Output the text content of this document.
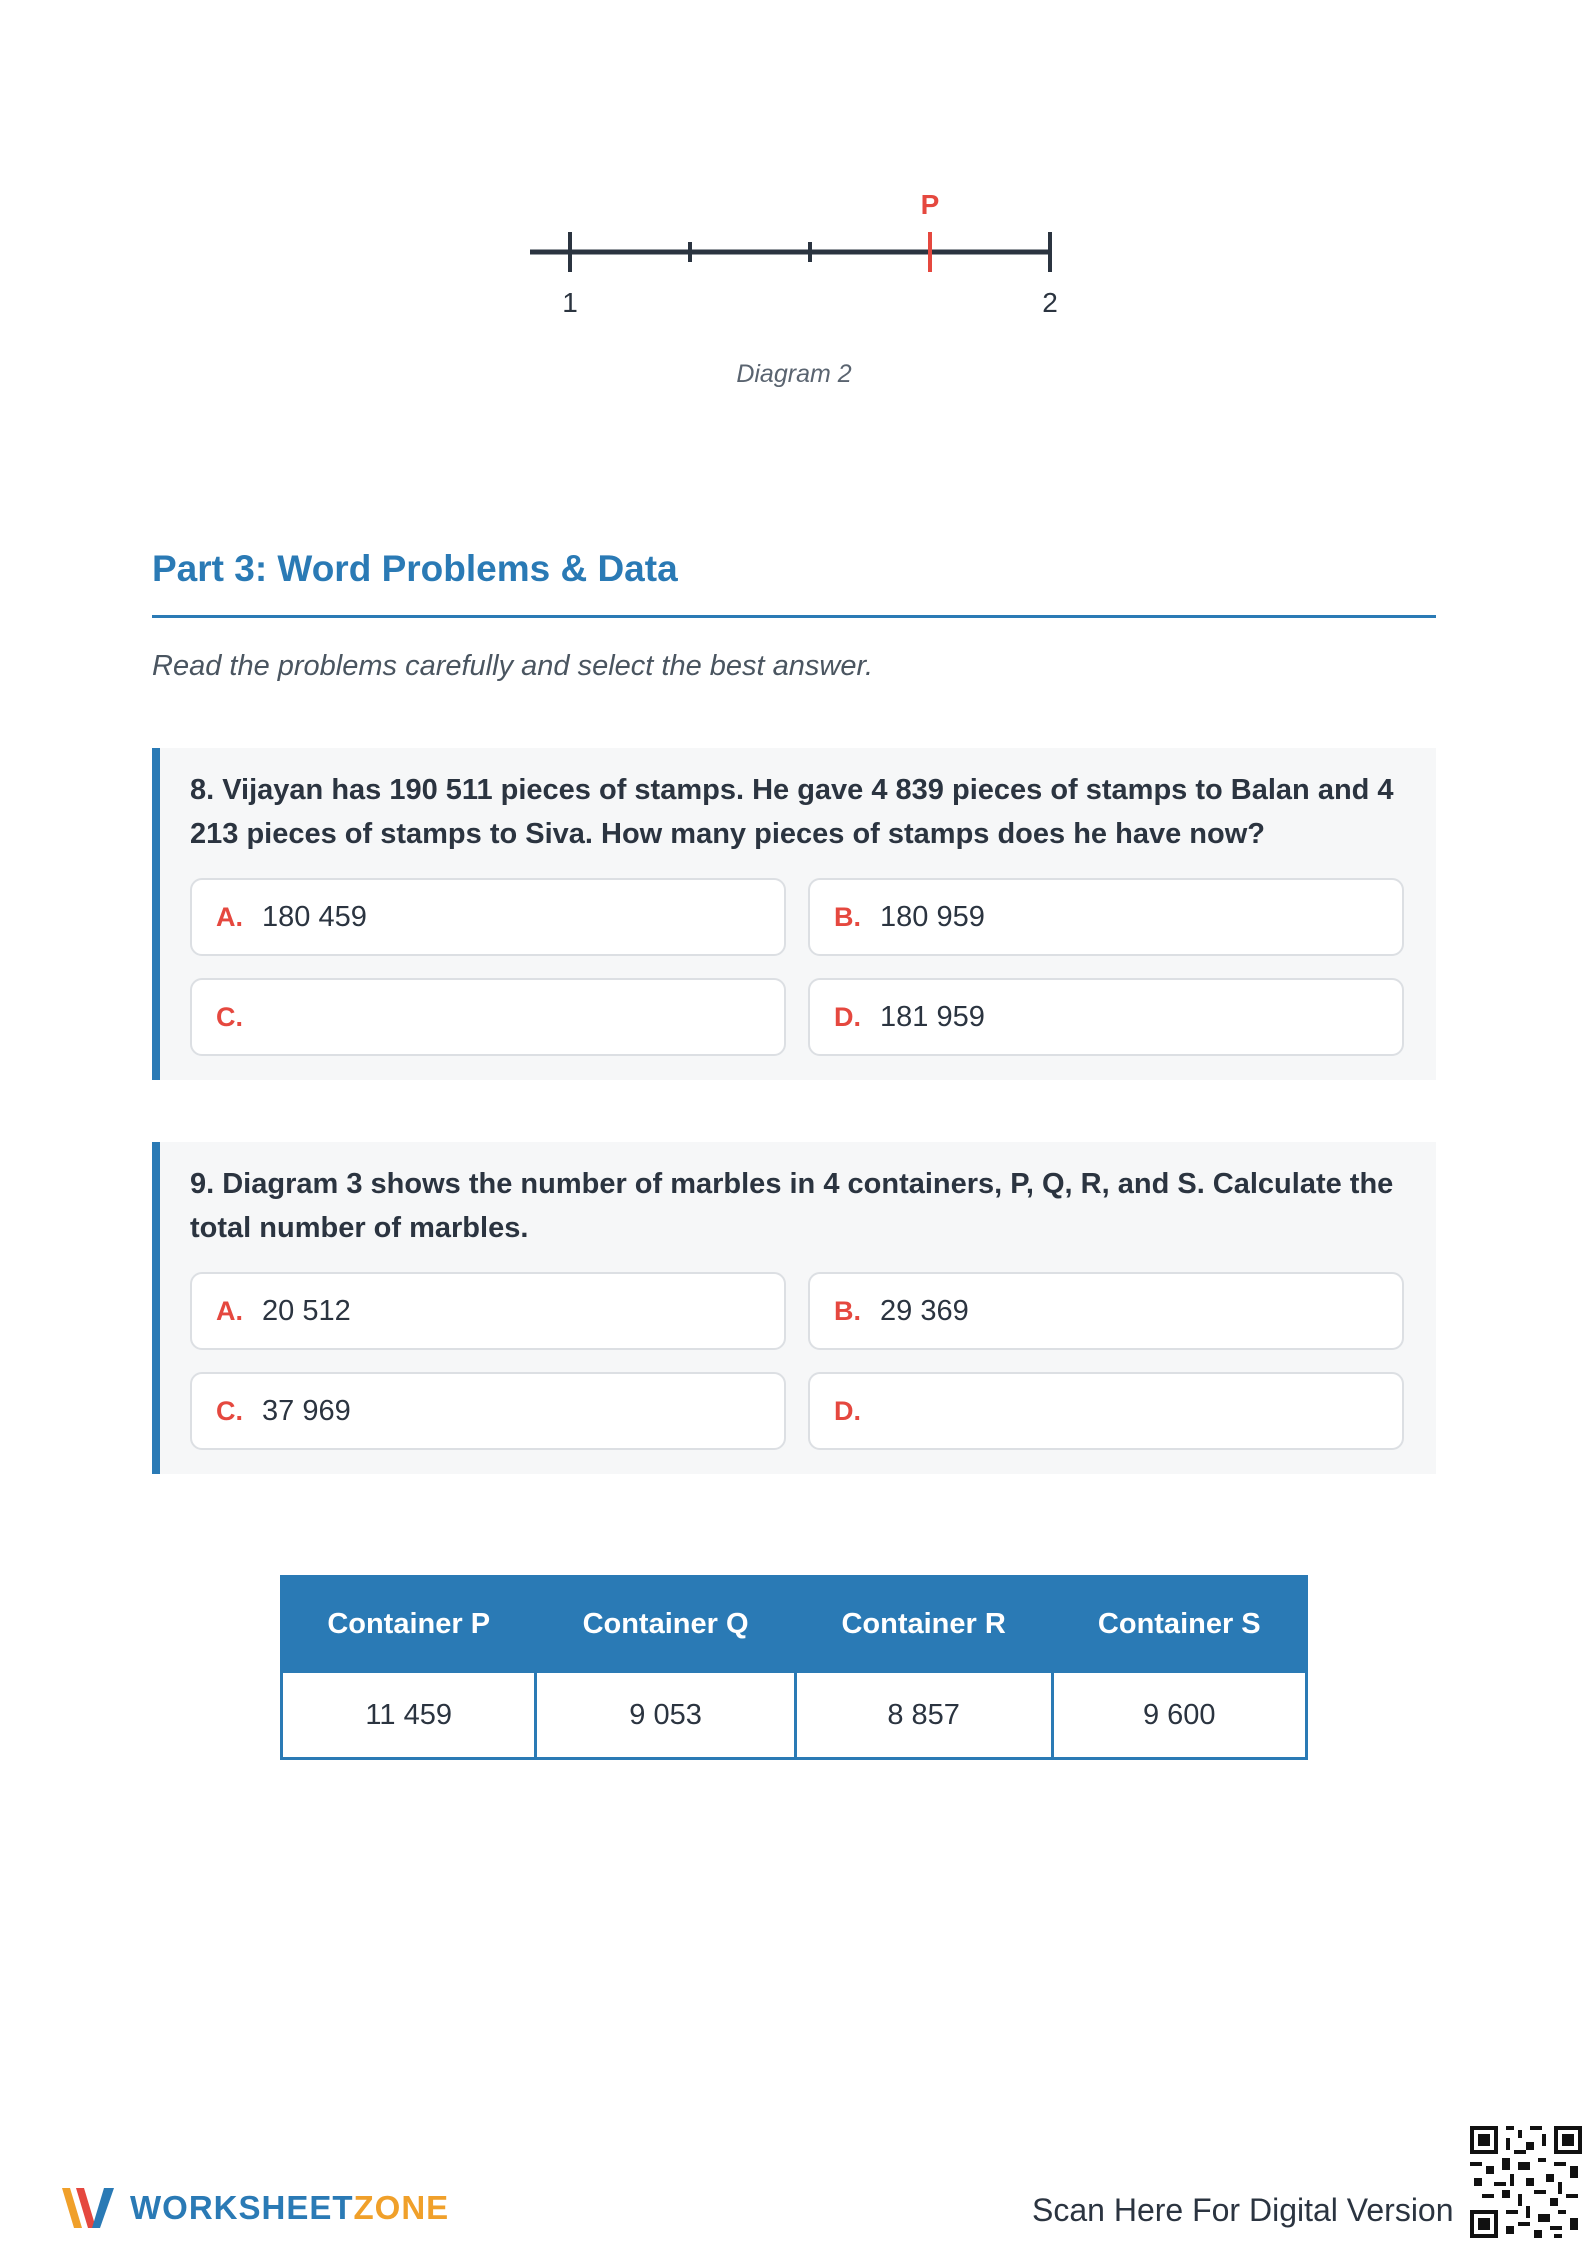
P
1	2
Diagram 2
Part 3: Word Problems & Data
Read the problems carefully and select the best answer.
8. Vijayan has 190 511 pieces of stamps. He gave 4 839 pieces of stamps to Balan and 4 213 pieces of stamps to Siva. How many pieces of stamps does he have now?
A. 180 459	B. 180 959
C.	D. 181 959
9. Diagram 3 shows the number of marbles in 4 containers, P, Q, R, and S. Calculate the total number of marbles.
A. 20 512	B. 29 369
C. 37 969	D.
Container P	Container Q	Container R	Container S
11 459	9 053	8 857	9 600
WORKSHEETZONE	Scan Here For Digital Version
